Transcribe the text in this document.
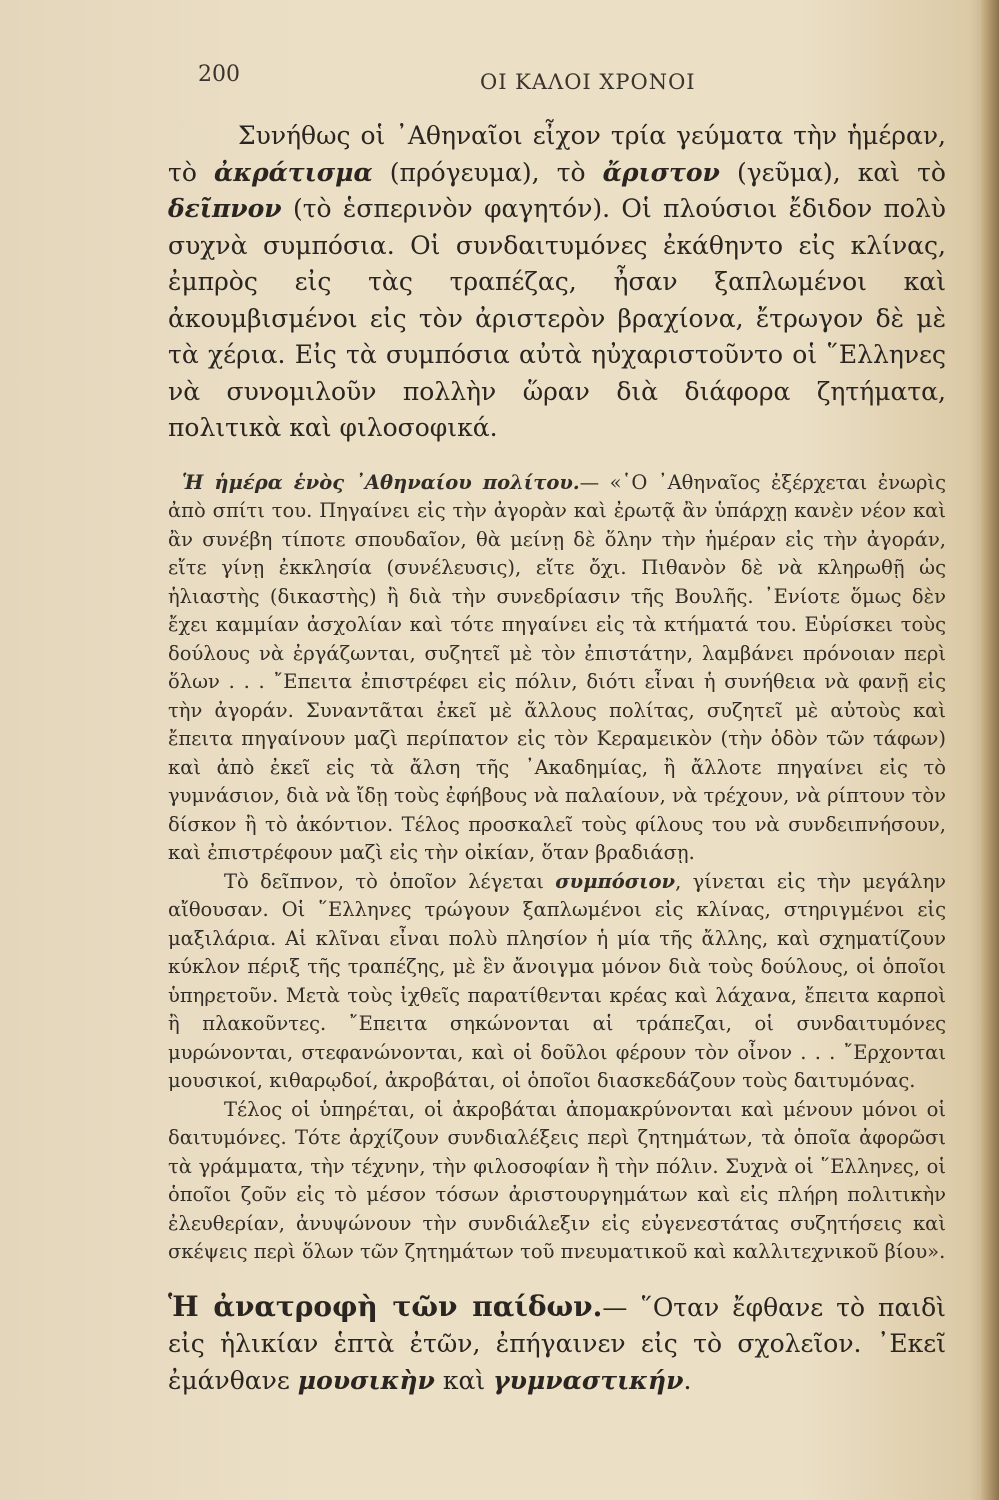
200	ΟΙ ΚΑΛΟΙ ΧΡΟΝΟΙ

Συνήθως οἱ ᾽Αθηναῖοι εἶχον τρία γεύματα τὴν ἡμέραν, τὸ ἀκράτισμα (πρόγευμα), τὸ ἄριστον (γεῦμα), καὶ τὸ δεῖπνον (τὸ ἑσπερινὸν φαγητόν). Οἱ πλούσιοι ἔδιδον πολὺ συχνὰ συμπόσια. Οἱ συνδαιτυμόνες ἐκάθηντο εἰς κλίνας, ἐμπρὸς εἰς τὰς τραπέζας, ἦσαν ξαπλωμένοι καὶ ἀκουμβισμένοι εἰς τὸν ἀριστερὸν βραχίονα, ἔτρωγον δὲ μὲ τὰ χέρια. Εἰς τὰ συμπόσια αὐτὰ ηὐχαριστοῦντο οἱ ῞Ελληνες νὰ συνομιλοῦν πολλὴν ὥραν διὰ διάφορα ζητήματα, πολιτικὰ καὶ φιλοσοφικά.

Ἡ ἡμέρα ἑνὸς ᾽Αθηναίου πολίτου.— «῾Ο ᾽Αθηναῖος ἐξέρχεται ἐνωρὶς ἀπὸ σπίτι του. Πηγαίνει εἰς τὴν ἀγορὰν καὶ ἐρωτᾷ ἂν ὑπάρχῃ κανὲν νέον καὶ ἂν συνέβη τίποτε σπουδαῖον, θὰ μείνῃ δὲ ὅλην τὴν ἡμέραν εἰς τὴν ἀγοράν, εἴτε γίνῃ ἐκκλησία (συνέλευσις), εἴτε ὄχι. Πιθανὸν δὲ νὰ κληρωθῇ ὡς ἡλιαστὴς (δικαστὴς) ἢ διὰ τὴν συνεδρίασιν τῆς Βουλῆς. ᾽Ενίοτε ὅμως δὲν ἔχει καμμίαν ἀσχολίαν καὶ τότε πηγαίνει εἰς τὰ κτήματά του. Εὑρίσκει τοὺς δούλους νὰ ἐργάζωνται, συζητεῖ μὲ τὸν ἐπιστάτην, λαμβάνει πρόνοιαν περὶ ὅλων . . . ῎Επειτα ἐπιστρέφει εἰς πόλιν, διότι εἶναι ἡ συνήθεια νὰ φανῇ εἰς τὴν ἀγοράν. Συναντᾶται ἐκεῖ μὲ ἄλλους πολίτας, συζητεῖ μὲ αὐτοὺς καὶ ἔπειτα πηγαίνουν μαζὶ περίπατον εἰς τὸν Κεραμεικὸν (τὴν ὁδὸν τῶν τάφων) καὶ ἀπὸ ἐκεῖ εἰς τὰ ἄλση τῆς ᾽Ακαδημίας, ἢ ἄλλοτε πηγαίνει εἰς τὸ γυμνάσιον, διὰ νὰ ἴδῃ τοὺς ἐφήβους νὰ παλαίουν, νὰ τρέχουν, νὰ ρίπτουν τὸν δίσκον ἢ τὸ ἀκόντιον. Τέλος προσκαλεῖ τοὺς φίλους του νὰ συνδειπνήσουν, καὶ ἐπιστρέφουν μαζὶ εἰς τὴν οἰκίαν, ὅταν βραδιάσῃ.

Τὸ δεῖπνον, τὸ ὁποῖον λέγεται συμπόσιον, γίνεται εἰς τὴν μεγάλην αἴθουσαν. Οἱ ῞Ελληνες τρώγουν ξαπλωμένοι εἰς κλίνας, στηριγμένοι εἰς μαξιλάρια. Αἱ κλῖναι εἶναι πολὺ πλησίον ἡ μία τῆς ἄλλης, καὶ σχηματίζουν κύκλον πέριξ τῆς τραπέζης, μὲ ἓν ἄνοιγμα μόνον διὰ τοὺς δούλους, οἱ ὁποῖοι ὑπηρετοῦν. Μετὰ τοὺς ἰχθεῖς παρατίθενται κρέας καὶ λάχανα, ἔπειτα καρποὶ ἢ πλακοῦντες. ῎Επειτα σηκώνονται αἱ τράπεζαι, οἱ συνδαιτυμόνες μυρώνονται, στεφανώνονται, καὶ οἱ δοῦλοι φέρουν τὸν οἶνον . . . ῎Ερχονται μουσικοί, κιθαρῳδοί, ἀκροβάται, οἱ ὁποῖοι διασκεδάζουν τοὺς δαιτυμόνας.

Τέλος οἱ ὑπηρέται, οἱ ἀκροβάται ἀπομακρύνονται καὶ μένουν μόνοι οἱ δαιτυμόνες. Τότε ἀρχίζουν συνδιαλέξεις περὶ ζητημάτων, τὰ ὁποῖα ἀφορῶσι τὰ γράμματα, τὴν τέχνην, τὴν φιλοσοφίαν ἢ τὴν πόλιν. Συχνὰ οἱ ῞Ελληνες, οἱ ὁποῖοι ζοῦν εἰς τὸ μέσον τόσων ἀριστουργημάτων καὶ εἰς πλήρη πολιτικὴν ἐλευθερίαν, ἀνυψώνουν τὴν συνδιάλεξιν εἰς εὐγενεστάτας συζητήσεις καὶ σκέψεις περὶ ὅλων τῶν ζητημάτων τοῦ πνευματικοῦ καὶ καλλιτεχνικοῦ βίου».

Ἡ ἀνατροφὴ τῶν παίδων.— ῞Οταν ἔφθανε τὸ παιδὶ εἰς ἡλικίαν ἑπτὰ ἐτῶν, ἐπήγαινεν εἰς τὸ σχολεῖον. ᾽Εκεῖ ἐμάνθανε μουσικὴν καὶ γυμναστικήν.
